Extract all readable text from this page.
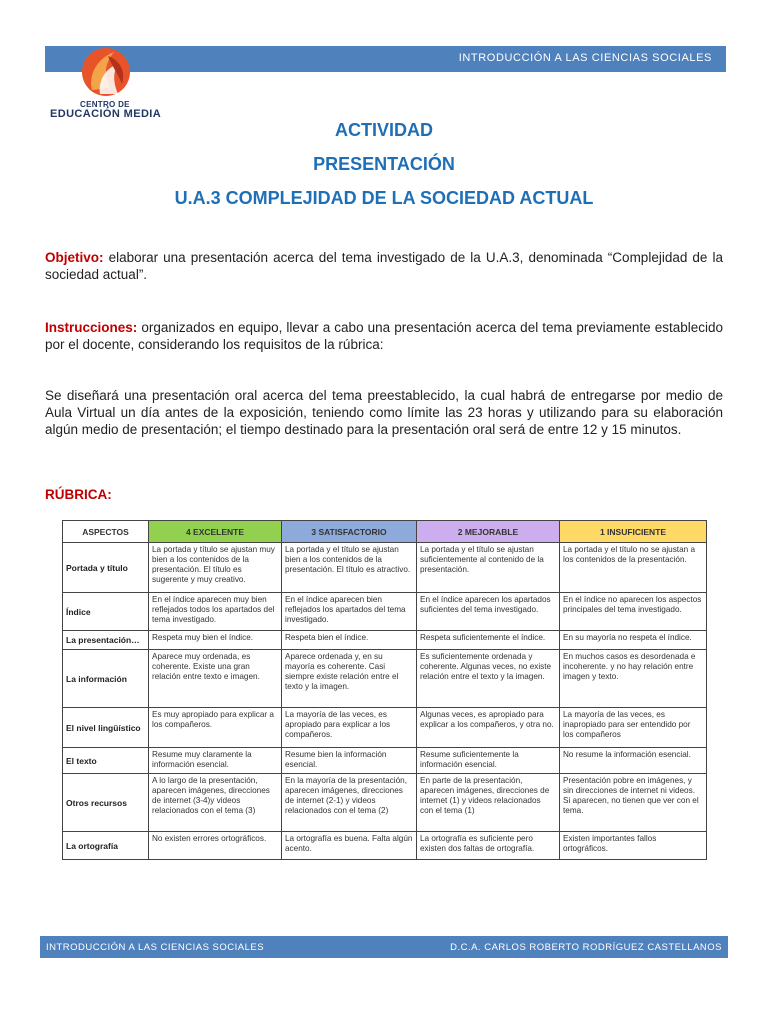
INTRODUCCIÓN A LAS CIENCIAS SOCIALES
CENTRO DE
EDUCACIÓN MEDIA
ACTIVIDAD
PRESENTACIÓN
U.A.3 COMPLEJIDAD DE LA SOCIEDAD ACTUAL
Objetivo: elaborar una presentación acerca del tema investigado de la U.A.3, denominada “Complejidad de la sociedad actual”.
Instrucciones: organizados en equipo, llevar a cabo una presentación acerca del tema previamente establecido por el docente, considerando los requisitos de la rúbrica:
Se diseñará una presentación oral acerca del tema preestablecido, la cual habrá de entregarse por medio de Aula Virtual un día antes de la exposición, teniendo como límite las 23 horas y utilizando para su elaboración algún medio de presentación; el tiempo destinado para la presentación oral será de entre 12 y 15 minutos.
RÚBRICA:
ASPECTOS	4 EXCELENTE	3 SATISFACTORIO	2 MEJORABLE	1 INSUFICIENTE
Portada y título	La portada y título se ajustan muy bien a los contenidos de la presentación. El título es sugerente y muy creativo.	La portada y el título se ajustan bien a los contenidos de la presentación. El título es atractivo.	La portada y el título se ajustan suficientemente al contenido de la presentación.	La portada y el título no se ajustan a los contenidos de la presentación.
Índice	En el índice aparecen muy bien reflejados todos los apartados del tema investigado.	En el índice aparecen bien reflejados los apartados del tema investigado.	En el índice aparecen los apartados suficientes del tema investigado.	En el índice no aparecen los aspectos principales del tema investigado.
La presentación…	Respeta muy bien el índice.	Respeta bien el índice.	Respeta suficientemente el índice.	En su mayoría no respeta el índice.
La información	Aparece muy ordenada, es coherente. Existe una gran relación entre texto e imagen.	Aparece ordenada y, en su mayoría es coherente. Casi siempre existe relación entre el texto y la imagen.	Es suficientemente ordenada y coherente. Algunas veces, no existe relación entre el texto y la imagen.	En muchos casos es desordenada e incoherente. y no hay relación entre imagen y texto.
El nivel lingüístico	Es muy apropiado para explicar a los compañeros.	La mayoría de las veces, es apropiado para explicar a los compañeros.	Algunas veces, es apropiado para explicar a los compañeros, y otra no.	La mayoría de las veces, es inapropiado para ser entendido por los compañeros
El texto	Resume muy claramente la información esencial.	Resume bien la información esencial.	Resume suficientemente la información esencial.	No resume la información esencial.
Otros recursos	A lo largo de la presentación, aparecen imágenes, direcciones de internet (3-4)y videos relacionados con el tema (3)	En la mayoría de la presentación, aparecen imágenes, direcciones de internet (2-1) y videos relacionados con el tema (2)	En parte de la presentación, aparecen imágenes, direcciones de internet (1) y videos relacionados con el tema (1)	Presentación pobre en imágenes, y sin direcciones de internet ni videos. Si aparecen, no tienen que ver con el tema.
La ortografía	No existen errores ortográficos.	La ortografía es buena. Falta algún acento.	La ortografía es suficiente pero existen dos faltas de ortografía.	Existen importantes fallos ortográficos.
INTRODUCCIÓN A LAS CIENCIAS SOCIALES	D.C.A. CARLOS ROBERTO RODRÍGUEZ CASTELLANOS
